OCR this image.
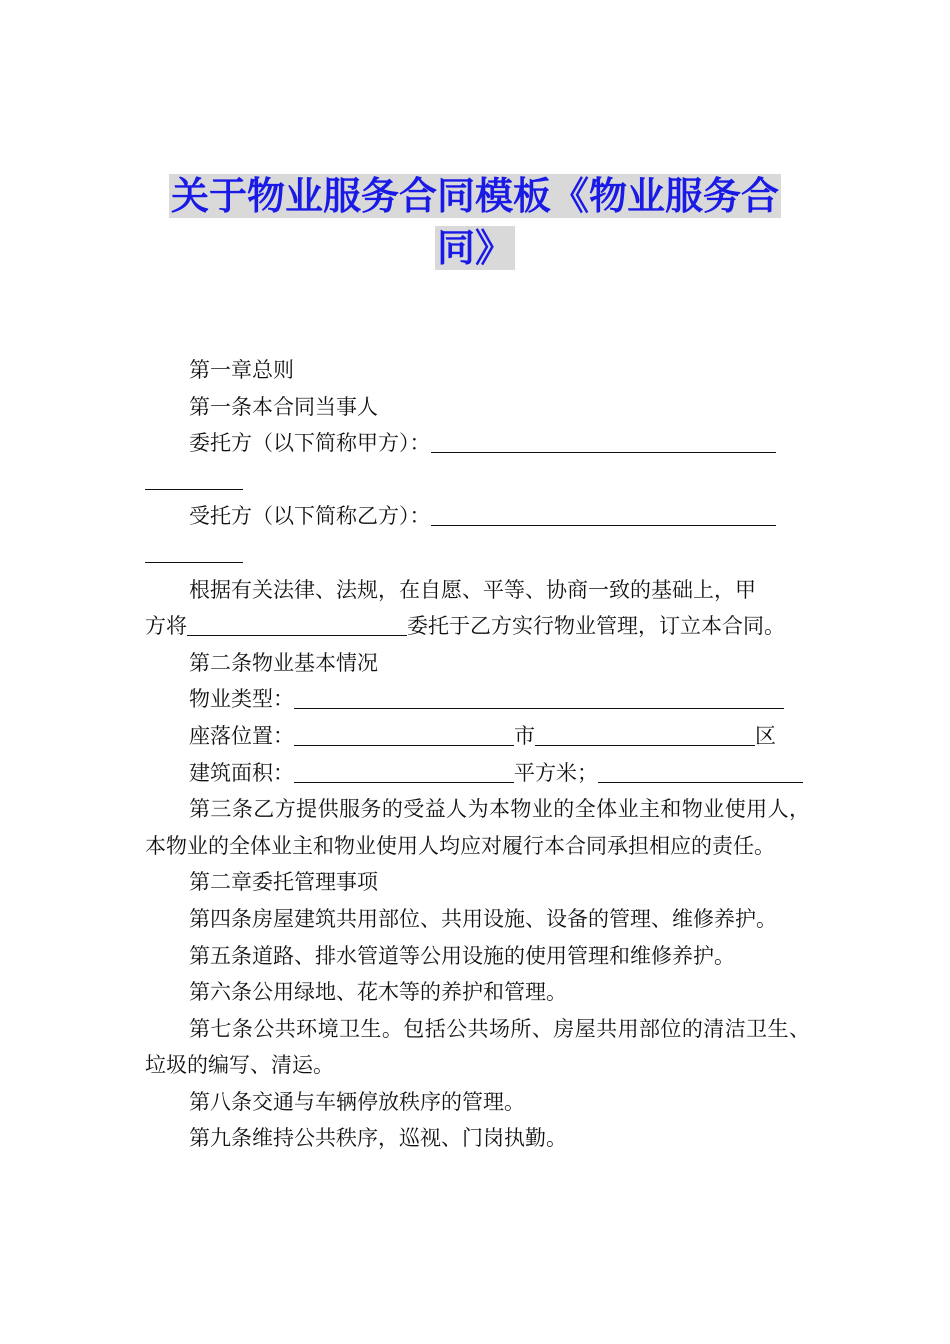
关于物业服务合同模板《物业服务合
同》

第一章总则

第一条本合同当事人

委托方（以下简称甲方）：

受托方（以下简称乙方）：

根据有关法律、法规，在自愿、平等、协商一致的基础上，甲

方将	委托于乙方实行物业管理，订立本合同。

第二条物业基本情况

物业类型：

座落位置：	市	区

建筑面积：	平方米；

第三条乙方提供服务的受益人为本物业的全体业主和物业使用人，本物业的全体业主和物业使用人均应对履行本合同承担相应的责任。

第二章委托管理事项

第四条房屋建筑共用部位、共用设施、设备的管理、维修养护。

第五条道路、排水管道等公用设施的使用管理和维修养护。

第六条公用绿地、花木等的养护和管理。

第七条公共环境卫生。包括公共场所、房屋共用部位的清洁卫生、垃圾的编写、清运。

第八条交通与车辆停放秩序的管理。

第九条维持公共秩序，巡视、门岗执勤。
